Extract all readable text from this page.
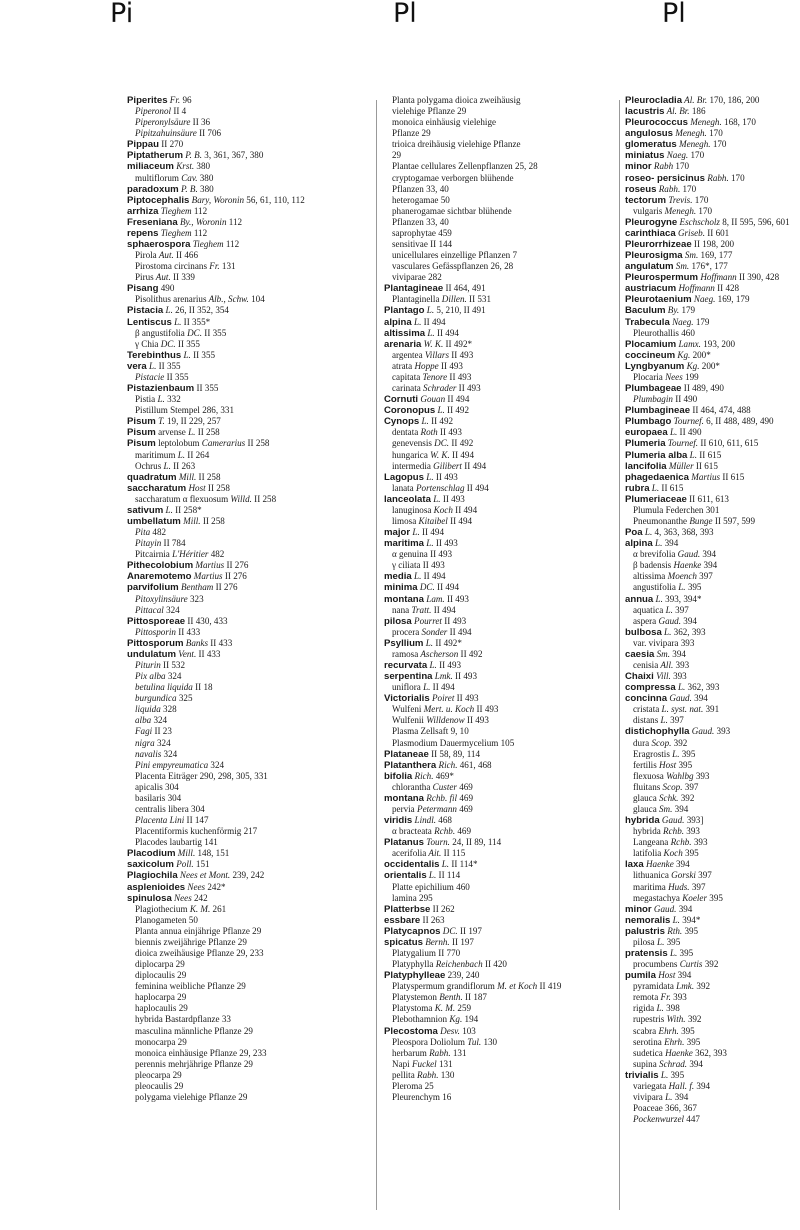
Pi	Pl	Pl
Piperites Fr. 96
Piperonol II 4
Piperonylsäure II 36
Pipitzahuinsäure II 706
Pippau II 270
Piptatherum P. B. 3, 361, 367, 380
miliaceum Krst. 380
multiflorum Cav. 380
paradoxum P. B. 380
Piptocephalis Bary, Woronin 56, 61, 110, 112
arrhiza Tieghem 112
Freseniana By., Woronin 112
repens Tieghem 112
sphaerospora Tieghem 112
Pirola Aut. II 466
Pirostoma circinans Fr. 131
Pirus Aut. II 339
Pisang 490
Pisolithus arenarius Alb., Schw. 104
Pistacia L. 26, II 352, 354
Lentiscus L. II 355*
β angustifolia DC. II 355
γ Chia DC. II 355
Terebinthus L. II 355
vera L. II 355
Pistacie II 355
Pistazienbaum II 355
Pistia L. 332
Pistillum Stempel 286, 331
Pisum T. 19, II 229, 257
Pisum arvense L. II 258
Pisum leptolobum Camerarius II 258
maritimum L. II 264
Ochrus L. II 263
quadratum Mill. II 258
saccharatum Host II 258
saccharatum α flexuosum Willd. II 258
sativum L. II 258*
umbellatum Mill. II 258
Pita 482
Pitayin II 784
Pitcairnia L'Héritier 482
Pithecolobium Martius II 276
Anaremotemo Martius II 276
parvifolium Bentham II 276
Pitoxylinsäure 323
Pittacal 324
Pittosporeae II 430, 433
Pittosporin II 433
Pittosporum Banks II 433
undulatum Vent. II 433
Piturin II 532
Pix alba 324
betulina liquida II 18
burgundica 325
liquida 328
alba 324
Fagi II 23
nigra 324
navalis 324
Pini empyreumatica 324
Placenta Eiträger 290, 298, 305, 331
apicalis 304
basilaris 304
centralis libera 304
Placenta Lini II 147
Placentiformis kuchenförmig 217
Placodes laubartig 141
Placodium Mill. 148, 151
saxicolum Poll. 151
Plagiochila Nees et Mont. 239, 242
asplenioides Nees 242*
spinulosa Nees 242
Plagiothecium K. M. 261
Planogameten 50
Planta annua einjährige Pflanze 29
biennis zweijährige Pflanze 29
dioica zweihäusige Pflanze 29, 233
diplocarpa 29
diplocaulis 29
feminina weibliche Pflanze 29
haplocarpa 29
haplocaulis 29
hybrida Bastardpflanze 33
masculina männliche Pflanze 29
monocarpa 29
monoica einhäusige Pflanze 29, 233
perennis mehrjährige Pflanze 29
pleocarpa 29
pleocaulis 29
polygama vielehige Pflanze 29
Planta polygama dioica zweihäusig
vielehige Pflanze 29
monoica einhäusig vielehige
Pflanze 29
trioica dreihäusig vielehige Pflanze
29
Plantae cellulares Zellenpflanzen 25, 28
cryptogamae verborgen blühende
Pflanzen 33, 40
heterogamae 50
phanerogamae sichtbar blühende
Pflanzen 33, 40
saprophytae 459
sensitivae II 144
unicellulares einzellige Pflanzen 7
vasculares Gefässpflanzen 26, 28
viviparae 282
Plantagineae II 464, 491
Plantaginella Dillen. II 531
Plantago L. 5, 210, II 491
alpina L. II 494
altissima L. II 494
arenaria W. K. II 492*
argentea Villars II 493
atrata Hoppe II 493
capitata Tenore II 493
carinata Schrader II 493
Cornuti Gouan II 494
Coronopus L. II 492
Cynops L. II 492
dentata Roth II 493
genevensis DC. II 492
hungarica W. K. II 494
intermedia Gilibert II 494
Lagopus L. II 493
lanata Portenschlag II 494
lanceolata L. II 493
lanuginosa Koch II 494
limosa Kitaibel II 494
major L. II 494
maritima L. II 493
α genuina II 493
γ ciliata II 493
media L. II 494
minima DC. II 494
montana Lam. II 493
nana Tratt. II 494
pilosa Pourret II 493
procera Sonder II 494
Psyllium L. II 492*
ramosa Ascherson II 492
recurvata L. II 493
serpentina Lmk. II 493
uniflora L. II 494
Victorialis Poiret II 493
Wulfeni Mert. u. Koch II 493
Wulfenii Willdenow II 493
Plasma Zellsaft 9, 10
Plasmodium Dauermycelium 105
Plataneae II 58, 89, 114
Platanthera Rich. 461, 468
bifolia Rich. 469*
chlorantha Custer 469
montana Rchb. fil 469
pervia Petermann 469
viridis Lindl. 468
α bracteata Rchb. 469
Platanus Tourn. 24, II 89, 114
acerifolia Ait. II 115
occidentalis L. II 114*
orientalis L. II 114
Platte epichilium 460
lamina 295
Platterbse II 262
essbare II 263
Platycapnos DC. II 197
spicatus Bernh. II 197
Platygalium II 770
Platyphylla Reichenbach II 420
Platyphylleae 239, 240
Platyspermum grandiflorum M. et Koch II 419
Platystemon Benth. II 187
Platystoma K. M. 259
Plebothamnion Kg. 194
Plecostoma Desv. 103
Pleospora Doliolum Tul. 130
herbarum Rabh. 131
Napi Fuckel 131
pellita Rabh. 130
Pleroma 25
Pleurenchym 16
Pleurocladia Al. Br. 170, 186, 200
lacustris Al. Br. 186
Pleurococcus Menegh. 168, 170
angulosus Menegh. 170
glomeratus Menegh. 170
miniatus Naeg. 170
minor Rabh 170
roseo- persicinus Rabh. 170
roseus Rabh. 170
tectorum Trevis. 170
vulgaris Menegh. 170
Pleurogyne Eschscholz 8, II 595, 596, 601
carinthiaca Griseb. II 601
Pleurorrhizeae II 198, 200
Pleurosigma Sm. 169, 177
angulatum Sm. 176*, 177
Pleurospermum Hoffmann II 390, 428
austriacum Hoffmann II 428
Pleurotaenium Naeg. 169, 179
Baculum By. 179
Trabecula Naeg. 179
Pleurothallis 460
Plocamium Lamx. 193, 200
coccineum Kg. 200*
Lyngbyanum Kg. 200*
Plocaria Nees 199
Plumbageae II 489, 490
Plumbagin II 490
Plumbagineae II 464, 474, 488
Plumbago Tournef. 6, II 488, 489, 490
europaea L. II 490
Plumeria Tournef. II 610, 611, 615
Plumeria alba L. II 615
lancifolia Müller II 615
phagedaenica Martius II 615
rubra L. II 615
Plumeriaceae II 611, 613
Plumula Federchen 301
Pneumonanthe Bunge II 597, 599
Poa L. 4, 363, 368, 393
alpina L. 394
α brevifolia Gaud. 394
β badensis Haenke 394
altissima Moench 397
angustifolia L. 395
annua L. 393, 394*
aquatica L. 397
aspera Gaud. 394
bulbosa L. 362, 393
var. vivipara 393
caesia Sm. 394
cenisia All. 393
Chaixi Vill. 393
compressa L. 362, 393
concinna Gaud. 394
cristata L. syst. nat. 391
distans L. 397
distichophylla Gaud. 393
dura Scop. 392
Eragrostis L. 395
fertilis Host 395
flexuosa Wahlbg 393
fluitans Scop. 397
glauca Schk. 392
glauca Sm. 394
hybrida Gaud. 393]
hybrida Rchb. 393
Langeana Rchb. 393
latifolia Koch 395
laxa Haenke 394
lithuanica Gorski 397
maritima Huds. 397
megastachya Koeler 395
minor Gaud. 394
nemoralis L. 394*
palustris Rth. 395
pilosa L. 395
pratensis L. 395
procumbens Curtis 392
pumila Host 394
pyramidata Lmk. 392
remota Fr. 393
rigida L. 398
rupestris With. 392
scabra Ehrh. 395
serotina Ehrh. 395
sudetica Haenke 362, 393
supina Schrad. 394
trivialis L. 395
variegata Hall. f. 394
vivipara L. 394
Poaceae 366, 367
Pockenwurzel 447
